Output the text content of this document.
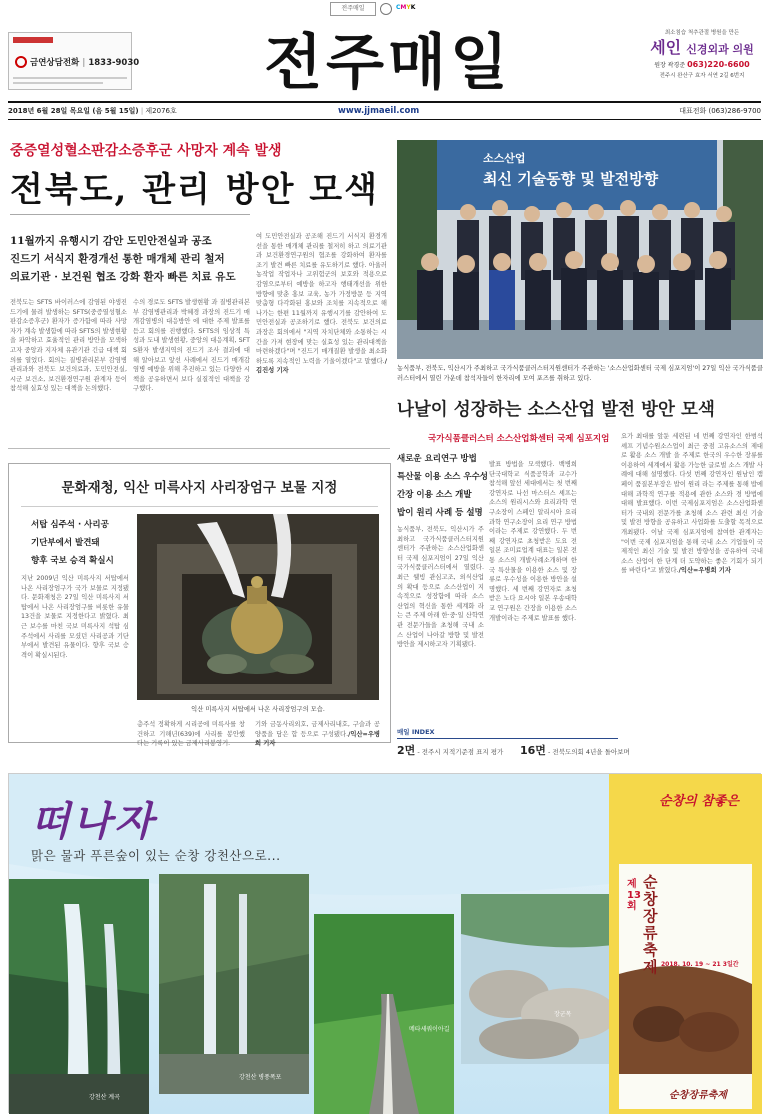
전주매일	CMYK
금연상담전화 | 1833-9030	전주매일	최소침습 척추관절 병원을 만든
세인 신경외과 의원
원장 곽경준 063)220-6600
전주시 완산구 효자 서연 2길 6번지
2018년 6월 28일 목요일 (음 5월 15일) | 제2076호	www.jjmaeil.com	대표전화 (063)286-9700
중증열성혈소판감소증후군 사망자 계속 발생
전북도, 관리 방안 모색
11월까지 유행시기 감안 도민안전실과 공조
진드기 서식지 환경개선 통한 매개체 관리 철저
의료기관 · 보건원 협조 강화 환자 빠른 치료 유도
전북도는 SFTS 바이러스에 감염된 야생진드기에 물려 발생하는 SFTS(중증열성혈소판감소증후군) 환자가 증가함에 따라 사망자가 계속 발생함에 따라 SFTS의 발생현황을 파악하고 효율적인 관리 방안을 모색하고자 중앙과 지자체 유관기관 긴급 대책 회의를 열었다. 회의는 질병관리본부 감염병관리과와 전북도 보건의료과, 도민안전실, 시군 보건소, 보건환경연구원 관계자 등이 참석해 실효성 있는 대책을 논의했다.
수의 경로도 SFTS 발생현황 과 질병관리본부 감염병관리과 박혜경 과장의 진드기 매개감염병의 대응방안 에 대한 주제 발표를 듣고 회의를 진행했다. SFTS의 임상적 특성과 도내 발생현황, 중앙의 대응계획, SFTS환자 발생지역의 진드기 조사 결과에 대해 알아보고 앞선 사례에서 진드기 매개감염병 예방을 위해 추진하고 있는 다양한 시책을 공유하면서 보다 실질적인 대책을 강구했다.
여 도민안전실과 공조해 진드기 서식지 환경개선을 통한 매개체 관리를 철저히 하고 의료기관과 보건환경연구원의 협조를 강화하여 환자를 조기 발견 빠른 치료를 유도하기로 했다. 아울러 농작업 작업자나 고위험군의 보호와 적용으로 감염으로부터 예방을 하고자 행태개선을 위한 방향에 맞춘 홍보 교육, 농가 가정방문 등 지역 맞춤형 다각화된 홍보와 조치를 지속적으로 해나가는 한편 11월까지 유행시기를 감안하여 도민안전실과 공조하기로 했다. 전북도 보건의료과장은 회의에서 "지역 자치단체와 소통하는 시간을 가져 현장에 맞는 실효성 있는 관리대책을 마련하겠다"며 "진드기 매개질환 발생을 최소화하도록 지속적인 노력을 기울이겠다"고 말했다./김진성 기자
문화재청, 익산 미륵사지 사리장엄구 보물 지정
서탑 심주석 · 사리공
기단부에서 발견돼
향후 국보 승격 확실시
지난 2009년 익산 미륵사지 서탑에서 나온 사리장엄구가 국가 보물로 지정됐다. 문화재청은 27일 익산 미륵사지 서탑에서 나온 사리장엄구를 비롯한 유물 13건을 보물로 지정한다고 밝혔다. 최근 보수를 마친 국보 미륵사지 석탑 심주석에서 사리를 모셨던 사리공과 기단부에서 발견된 유물이다. 향후 국보 승격이 확실시된다.
층주석 정확하게 시리공에 미륵사를 창건하고 기해년(639)에 사리를 봉안했다는 기록이 있는 금제사리봉영기.
기와 금동사리외호, 금제사리내호, 구슬과 공양품을 담은 합 등으로 구성됐다./익산=우병희 기자
익산 미륵사지 서탑에서 나온 사리장엄구의 모습.
소스산업
최신 기술동향 및 발전방향
농식품부, 전북도, 익산시가 주최하고 국가식품클러스터지원센터가 주관하는 '소스산업화센터 국제 심포지엄'이 27일 익산 국가식품클러스터에서 열린 가운데 참석자들이 한자리에 모여 포즈를 취하고 있다.
나날이 성장하는 소스산업 발전 방안 모색
국가식품클러스터 소스산업화센터 국제 심포지엄
새로운 요리연구 방법
특산물 이용 소스 우수성
간장 이용 소스 개발
밥이 원리 사례 등 설명
농식품부, 전북도, 익산시가 주최하고 국가식품클러스터지원센터가 주관하는 소스산업화센터 국제 심포지엄이 27일 익산 국가식품클러스터에서 열렸다. 최근 웰빙 관심고조, 외식산업의 확대 등으로 소스산업이 지속적으로 성장함에 따라 소스 산업의 혁신을 통한 세계화 라는 큰 주제 아래 한·중·일 산학연관 전문가들을 초청해 국내 소스 산업이 나아갈 방향 및 발전 방안을 제시하고자 기획됐다.
발표 방법을 모색했다. 백병희 단국대학교 식품공학과 교수가 참석해 앞선 세대에서는 첫 번째 강연자로 나선 마스터스 셰프는 소스의 원리시스와 요리과학 연구소장이 스페인 알리시아 요리과학 연구소장이 요리 연구 방법 이라는 주제로 강연했다. 두 번째 강연자로 초청받은 도요 전 일본 조미료업계 대표는 일본 전통 소스의 개발사례소개하며 한국 특산물을 이용한 소스 및 장류로 우수성을 이용한 방안을 설명했다. 세 번째 강연자로 초청받은 노다 요시야 일본 우송대학교 연구원은 간장을 이용한 소스개발이라는 주제로 발표를 했다.
요가 최대를 앞둔 세련된 네 번째 강연자인 한범석 셰프 기념수원소스업이 최근 중점 고유소스의 제대로 활용 소스 개발 을 주제로 한국의 우수한 장류를 이용하여 세계에서 활용 가능한 글로벌 소스 개발 사례에 대해 설명했다. 다섯 번째 강연자인 원남인 캠페이 품질본부장은 밥이 원리 라는 주제를 통해 밥에 대해 과학적 연구를 적용에 관한 소스와 경 방법에 대해 발표했다. 이번 국제심포지엄은 소스산업화센터가 국내외 전문가를 초청해 소스 관련 최신 기술 및 발전 방향을 공유하고 사업화를 도출할 목적으로 개최됐다. 이날 국제 심포지엄에 참여한 관계자는 "이번 국제 심포지엄을 통해 국내 소스 기업들이 국제적인 최신 기술 및 발전 방향성을 공유하여 국내 소스 산업이 한 단계 더 도약하는 좋은 기회가 되기를 바란다"고 밝혔다./익산=우병희 기자
매일 INDEX
2면 - 전주시 지적기준점 표지 평가 16면 - 전북도의회 4년을 돌아보며
떠나자
맑은 물과 푸른숲이 있는 순창 강천산으로...
강천산 계곡
강천산 병풍폭포
메타세쿼이아길
장군목
순창의 참좋은
제13회
순창장류축제 2018. 10. 19 ~ 21 3일간
순창장류축제
